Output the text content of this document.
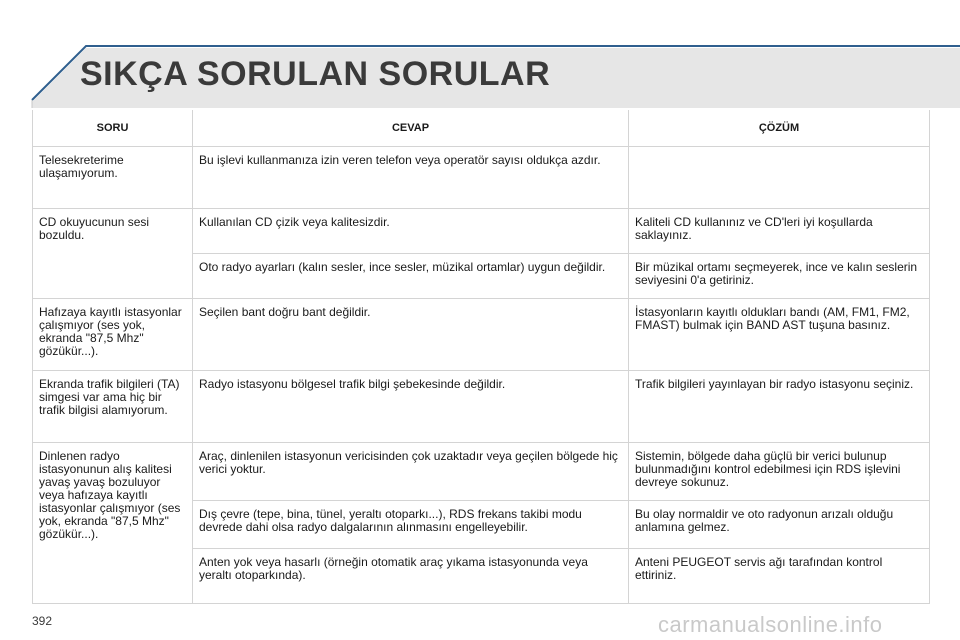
SIKÇA SORULAN SORULAR
SORU	CEVAP	ÇÖZÜM
Telesekreterime ulaşamıyorum.	Bu işlevi kullanmanıza izin veren telefon veya operatör sayısı oldukça azdır.	
CD okuyucunun sesi bozuldu.	Kullanılan CD çizik veya kalitesizdir.	Kaliteli CD kullanınız ve CD'leri iyi koşullarda saklayınız.
	Oto radyo ayarları (kalın sesler, ince sesler, müzikal ortamlar) uygun değildir.	Bir müzikal ortamı seçmeyerek, ince ve kalın seslerin seviyesini 0'a getiriniz.
Hafızaya kayıtlı istasyonlar çalışmıyor (ses yok, ekranda "87,5 Mhz" gözükür...).	Seçilen bant doğru bant değildir.	İstasyonların kayıtlı oldukları bandı (AM, FM1, FM2, FMAST) bulmak için BAND AST tuşuna basınız.
Ekranda trafik bilgileri (TA) simgesi var ama hiç bir trafik bilgisi alamıyorum.	Radyo istasyonu bölgesel trafik bilgi şebekesinde değildir.	Trafik bilgileri yayınlayan bir radyo istasyonu seçiniz.
Dinlenen radyo istasyonunun alış kalitesi yavaş yavaş bozuluyor veya hafızaya kayıtlı istasyonlar çalışmıyor (ses yok, ekranda "87,5 Mhz" gözükür...).	Araç, dinlenilen istasyonun vericisinden çok uzaktadır veya geçilen bölgede hiç verici yoktur.	Sistemin, bölgede daha güçlü bir verici bulunup bulunmadığını kontrol edebilmesi için RDS işlevini devreye sokunuz.
	Dış çevre (tepe, bina, tünel, yeraltı otoparkı...), RDS frekans takibi modu devrede dahi olsa radyo dalgalarının alınmasını engelleyebilir.	Bu olay normaldir ve oto radyonun arızalı olduğu anlamına gelmez.
	Anten yok veya hasarlı (örneğin otomatik araç yıkama istasyonunda veya yeraltı otoparkında).	Anteni PEUGEOT servis ağı tarafından kontrol ettiriniz.
392	carmanualsonline.info
